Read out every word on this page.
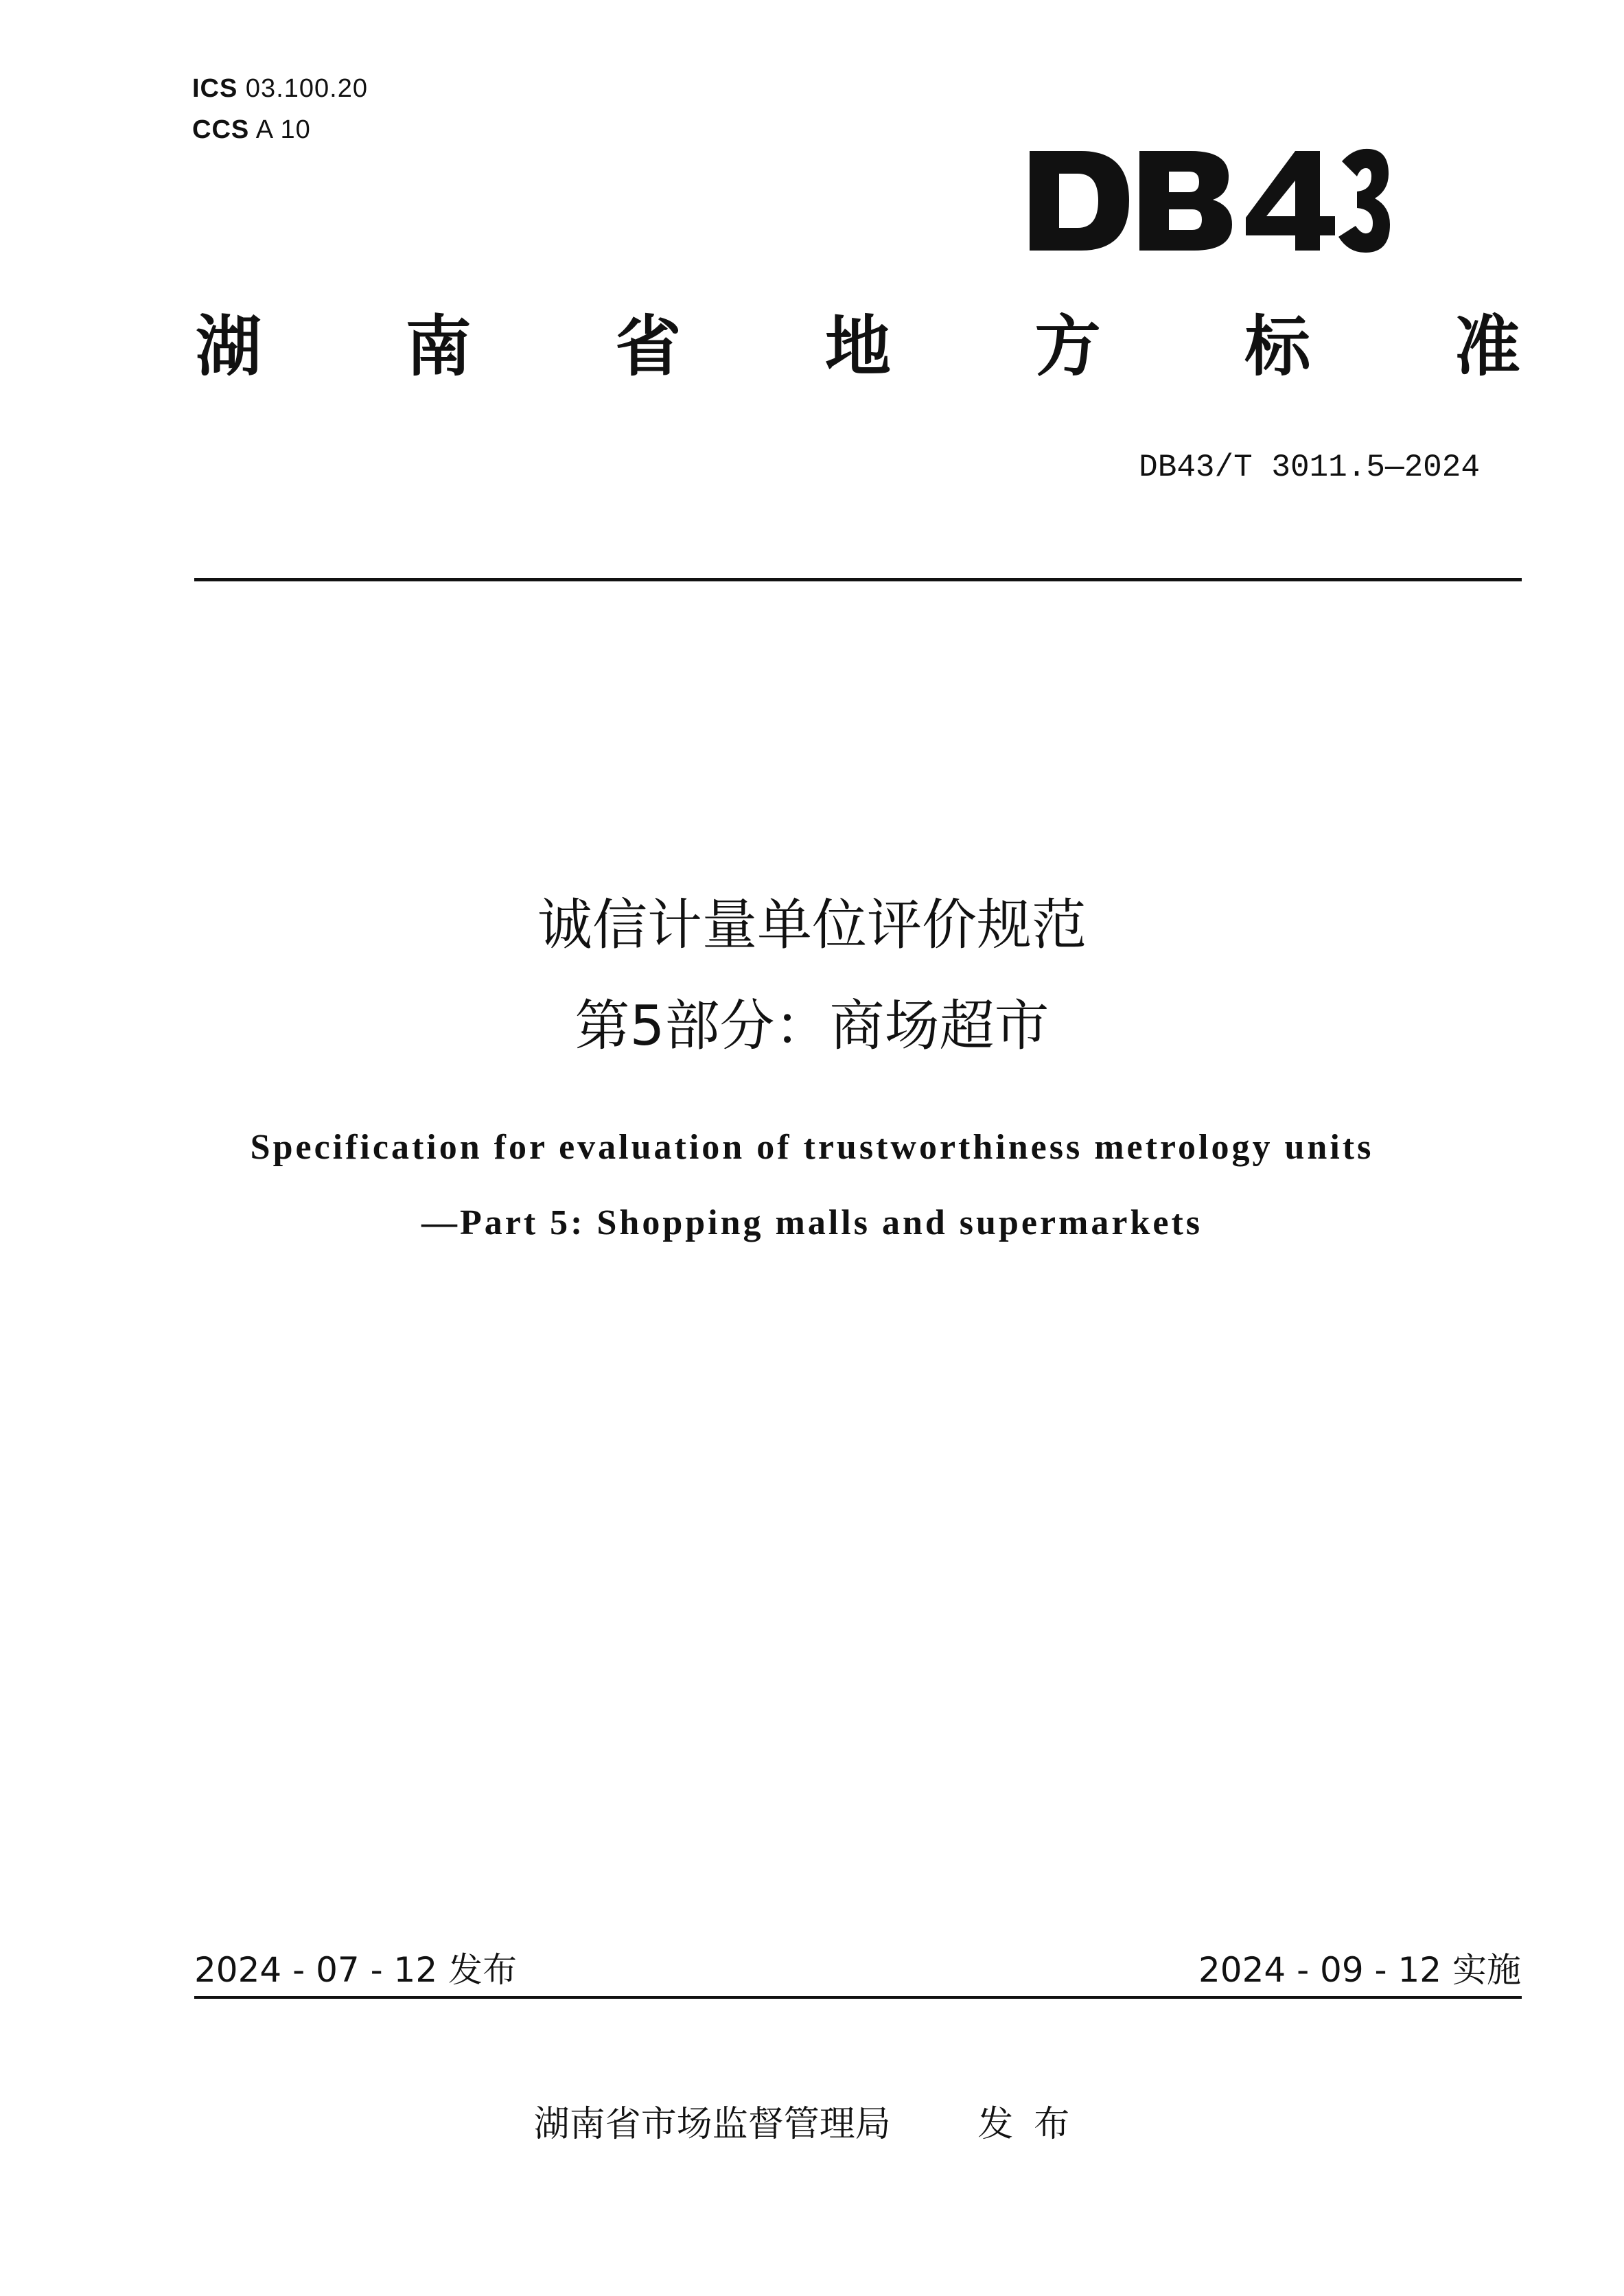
ICS 03.100.20
CCS A 10
湖 南 省 地 方 标 准
DB43/T 3011.5—2024
诚信计量单位评价规范
第5部分：商场超市
Specification for evaluation of trustworthiness metrology units
—Part 5: Shopping malls and supermarkets
2024 - 07 - 12 发布	2024 - 09 - 12 实施
湖南省市场监督管理局 发布
